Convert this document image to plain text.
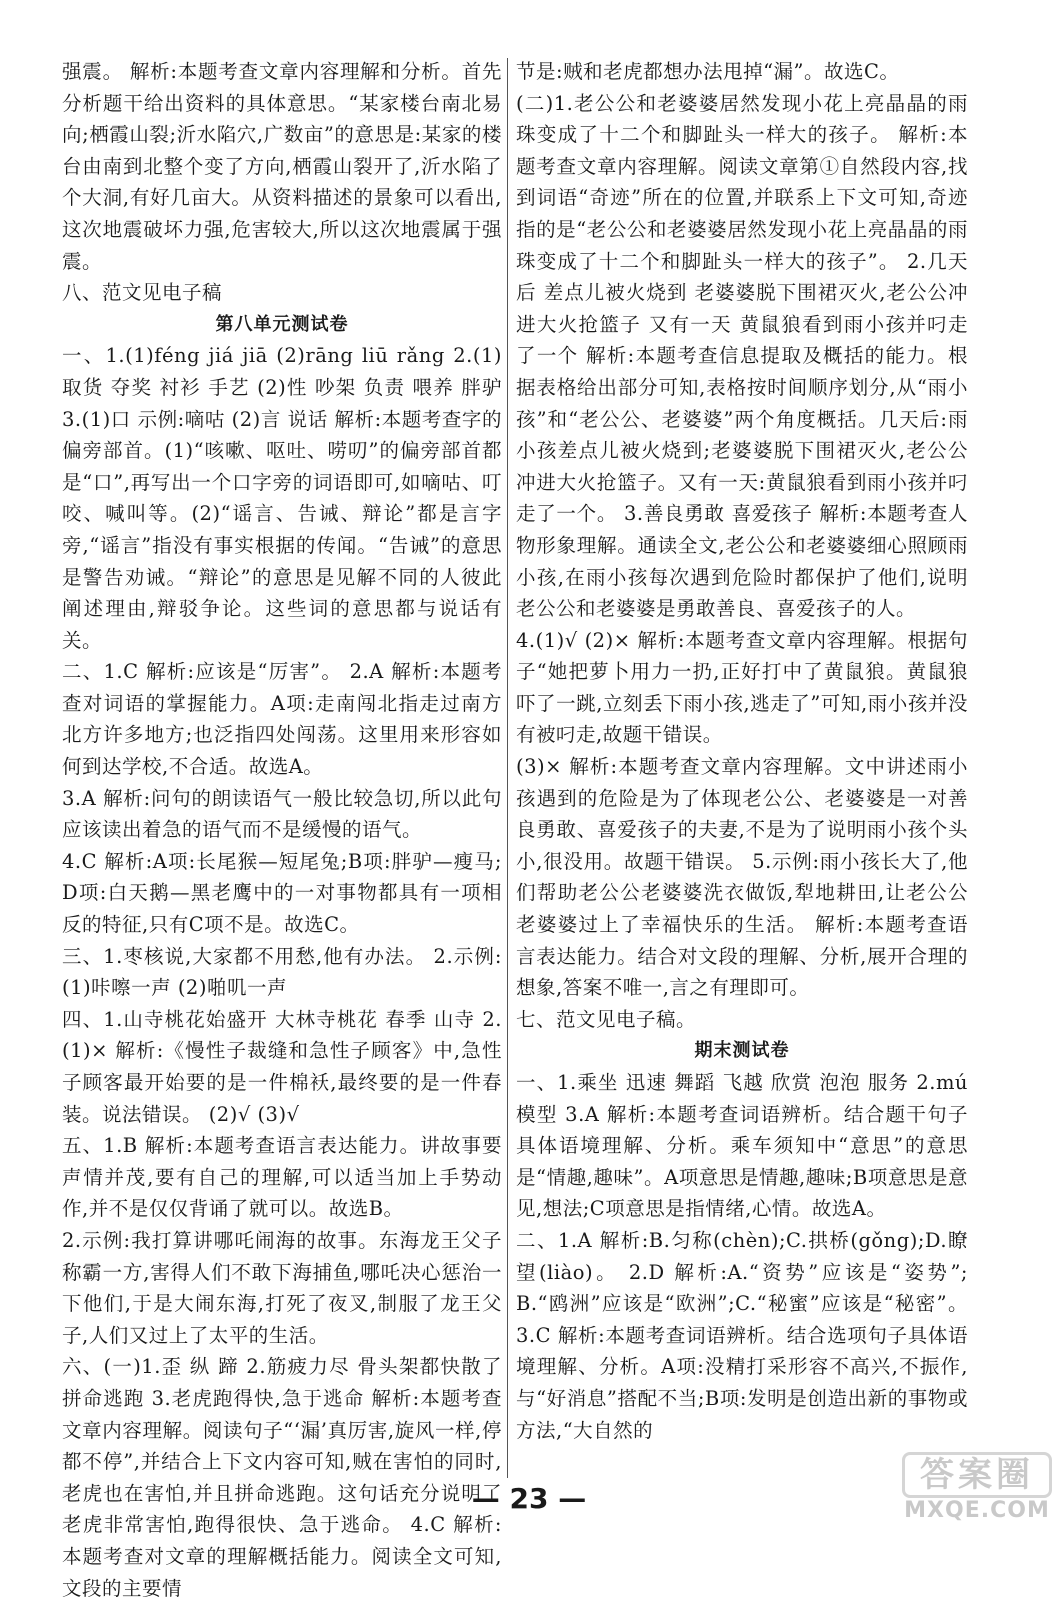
强震。 解析:本题考查文章内容理解和分析。首先分析题干给出资料的具体意思。“某家楼台南北易向;栖霞山裂;沂水陷穴,广数亩”的意思是:某家的楼台由南到北整个变了方向,栖霞山裂开了,沂水陷了个大洞,有好几亩大。从资料描述的景象可以看出,这次地震破坏力强,危害较大,所以这次地震属于强震。

八、范文见电子稿

第八单元测试卷

一、1.(1)féng jiá jiā (2)rāng liū rǎng 2.(1)取货 夺奖 衬衫 手艺 (2)性 吵架 负责 喂养 胖驴 3.(1)口 示例:嘀咕 (2)言 说话 解析:本题考查字的偏旁部首。(1)“咳嗽、呕吐、唠叨”的偏旁部首都是“口”,再写出一个口字旁的词语即可,如嘀咕、叮咬、喊叫等。(2)“谣言、告诫、辩论”都是言字旁,“谣言”指没有事实根据的传闻。“告诫”的意思是警告劝诫。“辩论”的意思是见解不同的人彼此阐述理由,辩驳争论。这些词的意思都与说话有关。

二、1.C 解析:应该是“厉害”。 2.A 解析:本题考查对词语的掌握能力。A项:走南闯北指走过南方北方许多地方;也泛指四处闯荡。这里用来形容如何到达学校,不合适。故选A。

3.A 解析:问句的朗读语气一般比较急切,所以此句应该读出着急的语气而不是缓慢的语气。

4.C 解析:A项:长尾猴—短尾兔;B项:胖驴—瘦马;D项:白天鹅—黑老鹰中的一对事物都具有一项相反的特征,只有C项不是。故选C。

三、1.枣核说,大家都不用愁,他有办法。 2.示例:(1)咔嚓一声 (2)啪叽一声

四、1.山寺桃花始盛开 大林寺桃花 春季 山寺 2.(1)× 解析:《慢性子裁缝和急性子顾客》中,急性子顾客最开始要的是一件棉袄,最终要的是一件春装。说法错误。 (2)√ (3)√

五、1.B 解析:本题考查语言表达能力。讲故事要声情并茂,要有自己的理解,可以适当加上手势动作,并不是仅仅背诵了就可以。故选B。

2.示例:我打算讲哪吒闹海的故事。东海龙王父子称霸一方,害得人们不敢下海捕鱼,哪吒决心惩治一下他们,于是大闹东海,打死了夜叉,制服了龙王父子,人们又过上了太平的生活。

六、(一)1.歪 纵 蹄 2.筋疲力尽 骨头架都快散了 拼命逃跑 3.老虎跑得快,急于逃命 解析:本题考查文章内容理解。阅读句子“‘漏’真厉害,旋风一样,停都不停”,并结合上下文内容可知,贼在害怕的同时,老虎也在害怕,并且拼命逃跑。这句话充分说明了老虎非常害怕,跑得很快、急于逃命。 4.C 解析:本题考查对文章的理解概括能力。阅读全文可知,文段的主要情

节是:贼和老虎都想办法甩掉“漏”。故选C。

(二)1.老公公和老婆婆居然发现小花上亮晶晶的雨珠变成了十二个和脚趾头一样大的孩子。 解析:本题考查文章内容理解。阅读文章第①自然段内容,找到词语“奇迹”所在的位置,并联系上下文可知,奇迹指的是“老公公和老婆婆居然发现小花上亮晶晶的雨珠变成了十二个和脚趾头一样大的孩子”。 2.几天后 差点儿被火烧到 老婆婆脱下围裙灭火,老公公冲进大火抢篮子 又有一天 黄鼠狼看到雨小孩并叼走了一个 解析:本题考查信息提取及概括的能力。根据表格给出部分可知,表格按时间顺序划分,从“雨小孩”和“老公公、老婆婆”两个角度概括。几天后:雨小孩差点儿被火烧到;老婆婆脱下围裙灭火,老公公冲进大火抢篮子。又有一天:黄鼠狼看到雨小孩并叼走了一个。 3.善良勇敢 喜爱孩子 解析:本题考查人物形象理解。通读全文,老公公和老婆婆细心照顾雨小孩,在雨小孩每次遇到危险时都保护了他们,说明老公公和老婆婆是勇敢善良、喜爱孩子的人。

4.(1)√ (2)× 解析:本题考查文章内容理解。根据句子“她把萝卜用力一扔,正好打中了黄鼠狼。黄鼠狼吓了一跳,立刻丢下雨小孩,逃走了”可知,雨小孩并没有被叼走,故题干错误。

(3)× 解析:本题考查文章内容理解。文中讲述雨小孩遇到的危险是为了体现老公公、老婆婆是一对善良勇敢、喜爱孩子的夫妻,不是为了说明雨小孩个头小,很没用。故题干错误。 5.示例:雨小孩长大了,他们帮助老公公老婆婆洗衣做饭,犁地耕田,让老公公老婆婆过上了幸福快乐的生活。 解析:本题考查语言表达能力。结合对文段的理解、分析,展开合理的想象,答案不唯一,言之有理即可。

七、范文见电子稿。

期末测试卷

一、1.乘坐 迅速 舞蹈 飞越 欣赏 泡泡 服务 2.mú 模型 3.A 解析:本题考查词语辨析。结合题干句子具体语境理解、分析。乘车须知中“意思”的意思是“情趣,趣味”。A项意思是情趣,趣味;B项意思是意见,想法;C项意思是指情绪,心情。故选A。

二、1.A 解析:B.匀称(chèn);C.拱桥(gǒng);D.瞭望(liào)。 2.D 解析:A.“资势”应该是“姿势”;B.“鸥洲”应该是“欧洲”;C.“秘蜜”应该是“秘密”。 3.C 解析:本题考查词语辨析。结合选项句子具体语境理解、分析。A项:没精打采形容不高兴,不振作,与“好消息”搭配不当;B项:发明是创造出新的事物或方法,“大自然的

— 23 —
答案圈
MXQE.COM
